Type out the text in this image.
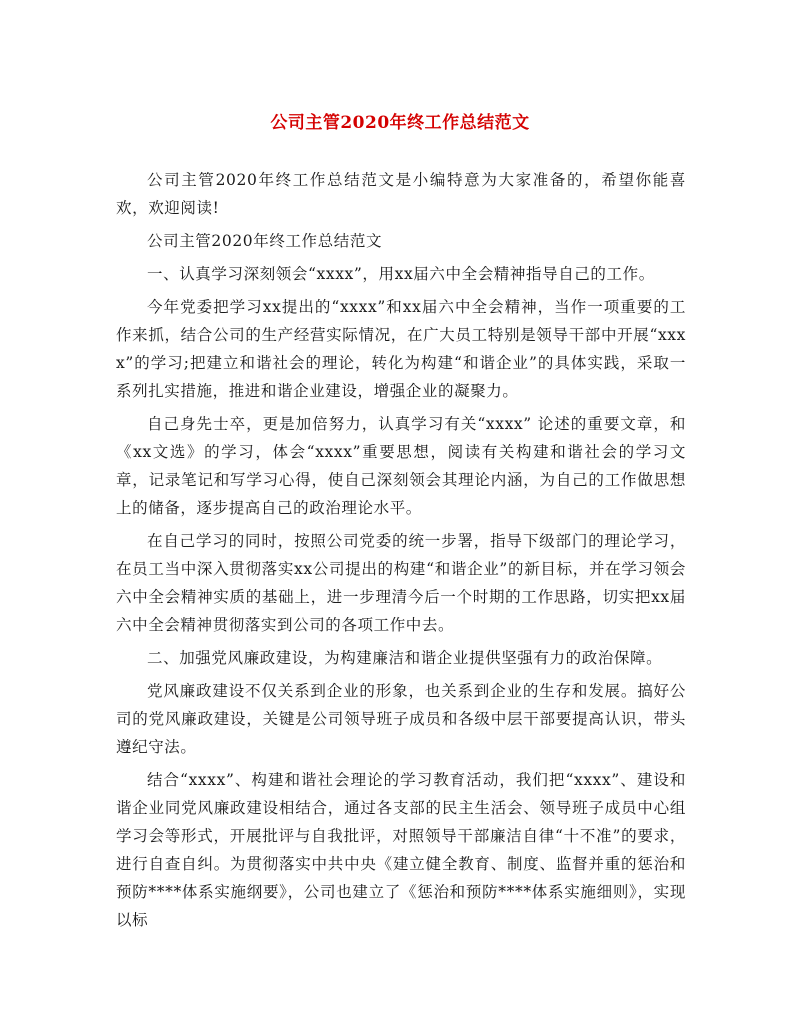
公司主管2020年终工作总结范文

公司主管2020年终工作总结范文是小编特意为大家准备的，希望你能喜欢，欢迎阅读!

公司主管2020年终工作总结范文

一、认真学习深刻领会“xxxx”，用xx届六中全会精神指导自己的工作。

今年党委把学习xx提出的“xxxx”和xx届六中全会精神，当作一项重要的工作来抓，结合公司的生产经营实际情况，在广大员工特别是领导干部中开展“xxxx”的学习;把建立和谐社会的理论，转化为构建“和谐企业”的具体实践，采取一系列扎实措施，推进和谐企业建设，增强企业的凝聚力。

自己身先士卒，更是加倍努力，认真学习有关“xxxx” 论述的重要文章，和《xx文选》的学习，体会“xxxx”重要思想，阅读有关构建和谐社会的学习文章，记录笔记和写学习心得，使自己深刻领会其理论内涵，为自己的工作做思想上的储备，逐步提高自己的政治理论水平。

在自己学习的同时，按照公司党委的统一步署，指导下级部门的理论学习，在员工当中深入贯彻落实xx公司提出的构建“和谐企业”的新目标，并在学习领会六中全会精神实质的基础上，进一步理清今后一个时期的工作思路，切实把xx届六中全会精神贯彻落实到公司的各项工作中去。

二、加强党风廉政建设，为构建廉洁和谐企业提供坚强有力的政治保障。

党风廉政建设不仅关系到企业的形象，也关系到企业的生存和发展。搞好公司的党风廉政建设，关键是公司领导班子成员和各级中层干部要提高认识，带头遵纪守法。

结合“xxxx”、构建和谐社会理论的学习教育活动，我们把“xxxx”、建设和谐企业同党风廉政建设相结合，通过各支部的民主生活会、领导班子成员中心组学习会等形式，开展批评与自我批评，对照领导干部廉洁自律“十不准”的要求，进行自查自纠。为贯彻落实中共中央《建立健全教育、制度、监督并重的惩治和预防****体系实施纲要》，公司也建立了《惩治和预防****体系实施细则》，实现以标
